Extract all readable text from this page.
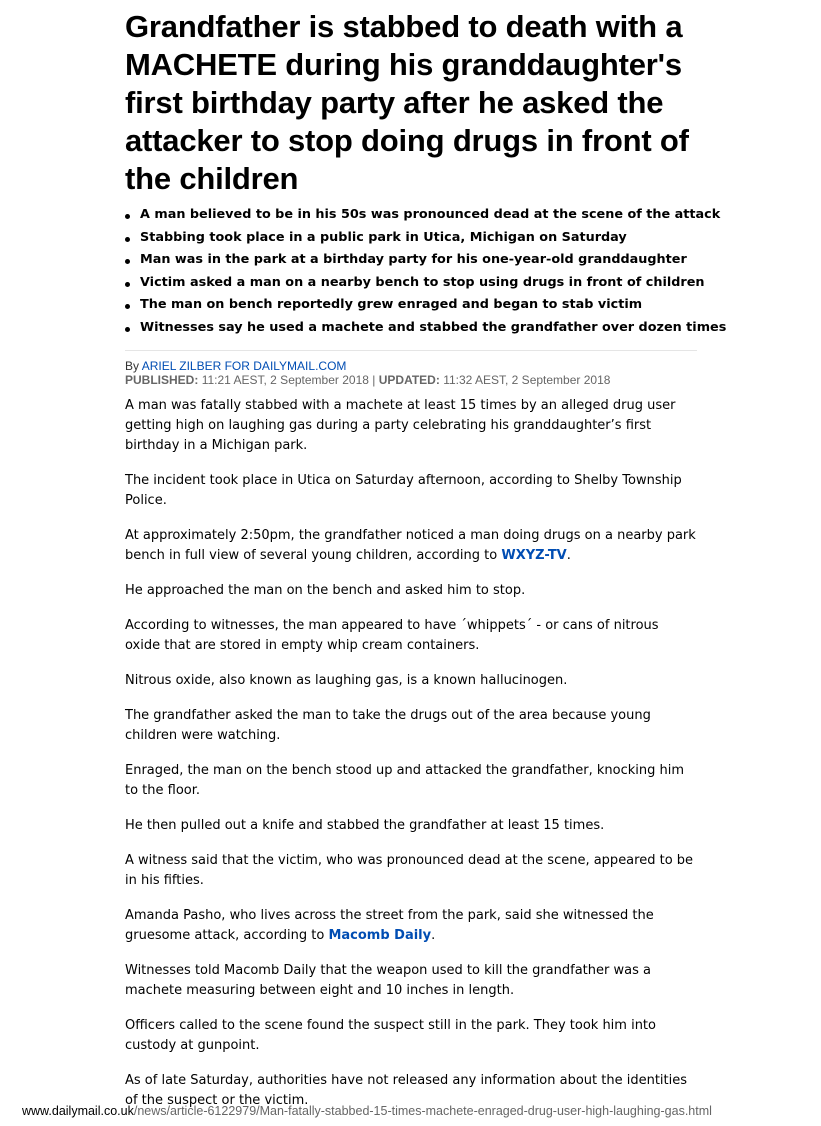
Grandfather is stabbed to death with a MACHETE during his granddaughter's first birthday party after he asked the attacker to stop doing drugs in front of the children
A man believed to be in his 50s was pronounced dead at the scene of the attack
Stabbing took place in a public park in Utica, Michigan on Saturday
Man was in the park at a birthday party for his one-year-old granddaughter
Victim asked a man on a nearby bench to stop using drugs in front of children
The man on bench reportedly grew enraged and began to stab victim
Witnesses say he used a machete and stabbed the grandfather over dozen times
By ARIEL ZILBER FOR DAILYMAIL.COM
PUBLISHED: 11:21 AEST, 2 September 2018 | UPDATED: 11:32 AEST, 2 September 2018

A man was fatally stabbed with a machete at least 15 times by an alleged drug user getting high on laughing gas during a party celebrating his granddaughter’s first birthday in a Michigan park.

The incident took place in Utica on Saturday afternoon, according to Shelby Township Police.

At approximately 2:50pm, the grandfather noticed a man doing drugs on a nearby park bench in full view of several young children, according to WXYZ-TV.

He approached the man on the bench and asked him to stop.

According to witnesses, the man appeared to have ´whippets´ - or cans of nitrous oxide that are stored in empty whip cream containers.

Nitrous oxide, also known as laughing gas, is a known hallucinogen.

The grandfather asked the man to take the drugs out of the area because young children were watching.

Enraged, the man on the bench stood up and attacked the grandfather, knocking him to the floor.

He then pulled out a knife and stabbed the grandfather at least 15 times.

A witness said that the victim, who was pronounced dead at the scene, appeared to be in his fifties.

Amanda Pasho, who lives across the street from the park, said she witnessed the gruesome attack, according to Macomb Daily.

Witnesses told Macomb Daily that the weapon used to kill the grandfather was a machete measuring between eight and 10 inches in length.

Officers called to the scene found the suspect still in the park. They took him into custody at gunpoint.

As of late Saturday, authorities have not released any information about the identities of the suspect or the victim.

www.dailymail.co.uk/news/article-6122979/Man-fatally-stabbed-15-times-machete-enraged-drug-user-high-laughing-gas.html
